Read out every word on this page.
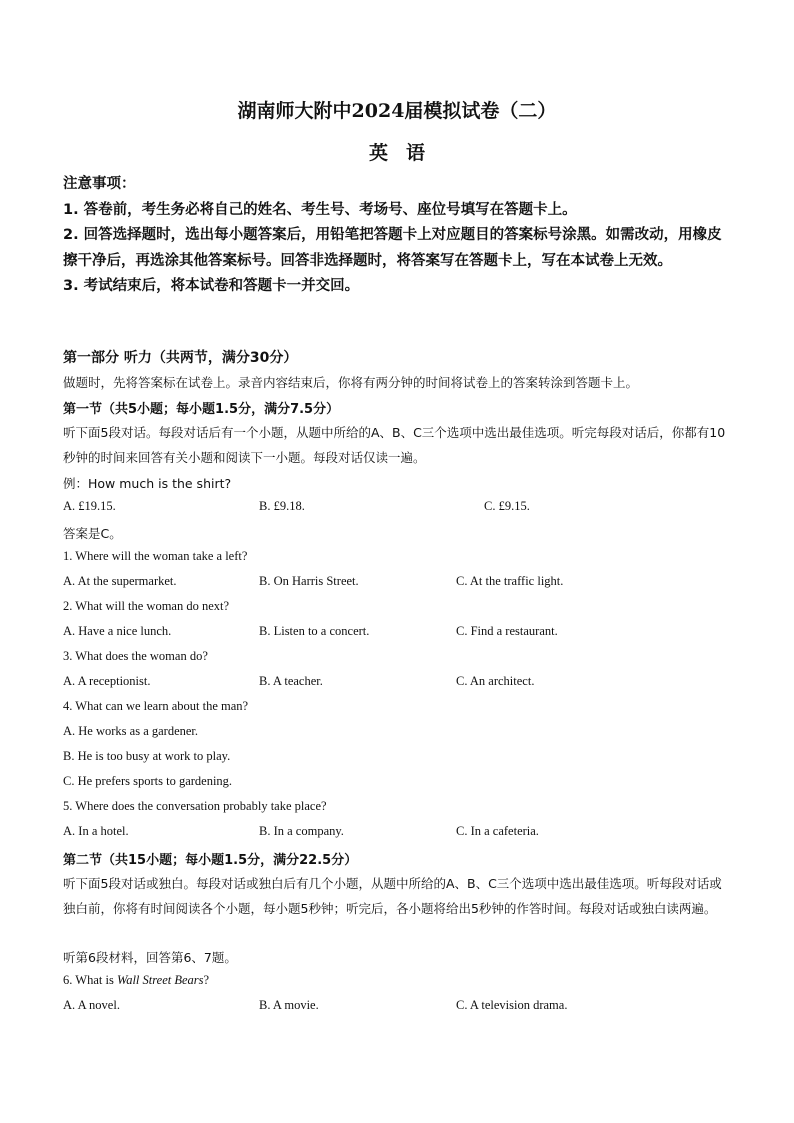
湖南师大附中2024届模拟试卷（二）
英语
注意事项：
1. 答卷前，考生务必将自己的姓名、考生号、考场号、座位号填写在答题卡上。
2. 回答选择题时，选出每小题答案后，用铅笔把答题卡上对应题目的答案标号涂黑。如需改动，用橡皮擦干净后，再选涂其他答案标号。回答非选择题时，将答案写在答题卡上，写在本试卷上无效。
3. 考试结束后，将本试卷和答题卡一并交回。
第一部分 听力（共两节，满分30分）
做题时，先将答案标在试卷上。录音内容结束后，你将有两分钟的时间将试卷上的答案转涂到答题卡上。
第一节（共5小题；每小题1.5分，满分7.5分）
听下面5段对话。每段对话后有一个小题，从题中所给的A、B、C三个选项中选出最佳选项。听完每段对话后，你都有10秒钟的时间来回答有关小题和阅读下一小题。每段对话仅读一遍。
例：How much is the shirt?
A. £19.15.	B. £9.18.	C. £9.15.
答案是C。
1. Where will the woman take a left?
A. At the supermarket.	B. On Harris Street.	C. At the traffic light.
2. What will the woman do next?
A. Have a nice lunch.	B. Listen to a concert.	C. Find a restaurant.
3. What does the woman do?
A. A receptionist.	B. A teacher.	C. An architect.
4. What can we learn about the man?
A. He works as a gardener.
B. He is too busy at work to play.
C. He prefers sports to gardening.
5. Where does the conversation probably take place?
A. In a hotel.	B. In a company.	C. In a cafeteria.
第二节（共15小题；每小题1.5分，满分22.5分）
听下面5段对话或独白。每段对话或独白后有几个小题，从题中所给的A、B、C三个选项中选出最佳选项。听每段对话或独白前，你将有时间阅读各个小题，每小题5秒钟；听完后，各小题将给出5秒钟的作答时间。每段对话或独白读两遍。
听第6段材料，回答第6、7题。
6. What is Wall Street Bears?
A. A novel.	B. A movie.	C. A television drama.
